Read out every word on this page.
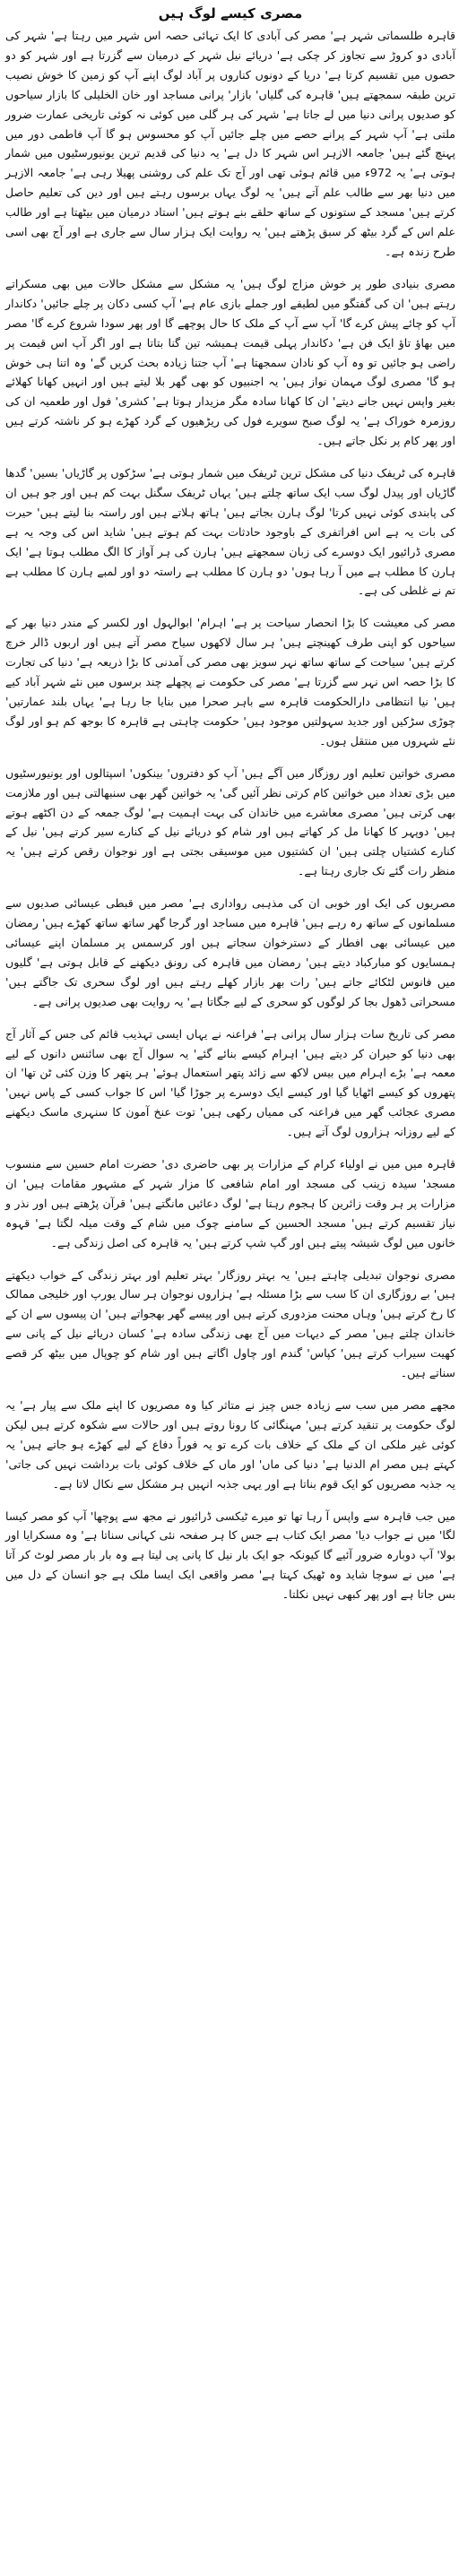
مصری کیسے لوگ ہیں

قاہرہ طلسماتی شہر ہے' مصر کی آبادی کا ایک تہائی حصہ اس شہر میں رہتا ہے' شہر کی آبادی دو کروڑ سے تجاوز کر چکی ہے' دریائے نیل شہر کے درمیان سے گزرتا ہے اور شہر کو دو حصوں میں تقسیم کرتا ہے' دریا کے دونوں کناروں پر آباد لوگ اپنے آپ کو زمین کا خوش نصیب ترین طبقہ سمجھتے ہیں' قاہرہ کی گلیاں' بازار' پرانی مساجد اور خان الخلیلی کا بازار سیاحوں کو صدیوں پرانی دنیا میں لے جاتا ہے' شہر کی ہر گلی میں کوئی نہ کوئی تاریخی عمارت ضرور ملتی ہے' آپ شہر کے پرانے حصے میں چلے جائیں آپ کو محسوس ہو گا آپ فاطمی دور میں پہنچ گئے ہیں' جامعہ الازہر اس شہر کا دل ہے' یہ دنیا کی قدیم ترین یونیورسٹیوں میں شمار ہوتی ہے' یہ 972ء میں قائم ہوئی تھی اور آج تک علم کی روشنی پھیلا رہی ہے' جامعہ الازہر میں دنیا بھر سے طالب علم آتے ہیں' یہ لوگ یہاں برسوں رہتے ہیں اور دین کی تعلیم حاصل کرتے ہیں' مسجد کے ستونوں کے ساتھ حلقے بنے ہوتے ہیں' استاد درمیان میں بیٹھتا ہے اور طالب علم اس کے گرد بیٹھ کر سبق پڑھتے ہیں' یہ روایت ایک ہزار سال سے جاری ہے اور آج بھی اسی طرح زندہ ہے۔

مصری بنیادی طور پر خوش مزاج لوگ ہیں' یہ مشکل سے مشکل حالات میں بھی مسکراتے رہتے ہیں' ان کی گفتگو میں لطیفے اور جملے بازی عام ہے' آپ کسی دکان پر چلے جائیں' دکاندار آپ کو چائے پیش کرے گا' آپ سے آپ کے ملک کا حال پوچھے گا اور پھر سودا شروع کرے گا' مصر میں بھاؤ تاؤ ایک فن ہے' دکاندار پہلی قیمت ہمیشہ تین گنا بتاتا ہے اور اگر آپ اس قیمت پر راضی ہو جائیں تو وہ آپ کو نادان سمجھتا ہے' آپ جتنا زیادہ بحث کریں گے' وہ اتنا ہی خوش ہو گا' مصری لوگ مہمان نواز ہیں' یہ اجنبیوں کو بھی گھر بلا لیتے ہیں اور انہیں کھانا کھلائے بغیر واپس نہیں جانے دیتے' ان کا کھانا سادہ مگر مزیدار ہوتا ہے' کشری' فول اور طعمیہ ان کی روزمرہ خوراک ہے' یہ لوگ صبح سویرے فول کی ریڑھیوں کے گرد کھڑے ہو کر ناشتہ کرتے ہیں اور پھر کام پر نکل جاتے ہیں۔

قاہرہ کی ٹریفک دنیا کی مشکل ترین ٹریفک میں شمار ہوتی ہے' سڑکوں پر گاڑیاں' بسیں' گدھا گاڑیاں اور پیدل لوگ سب ایک ساتھ چلتے ہیں' یہاں ٹریفک سگنل بہت کم ہیں اور جو ہیں ان کی پابندی کوئی نہیں کرتا' لوگ ہارن بجاتے ہیں' ہاتھ ہلاتے ہیں اور راستہ بنا لیتے ہیں' حیرت کی بات یہ ہے اس افراتفری کے باوجود حادثات بہت کم ہوتے ہیں' شاید اس کی وجہ یہ ہے مصری ڈرائیور ایک دوسرے کی زبان سمجھتے ہیں' ہارن کی ہر آواز کا الگ مطلب ہوتا ہے' ایک ہارن کا مطلب ہے میں آ رہا ہوں' دو ہارن کا مطلب ہے راستہ دو اور لمبے ہارن کا مطلب ہے تم نے غلطی کی ہے۔

مصر کی معیشت کا بڑا انحصار سیاحت پر ہے' اہرام' ابوالہول اور لکسر کے مندر دنیا بھر کے سیاحوں کو اپنی طرف کھینچتے ہیں' ہر سال لاکھوں سیاح مصر آتے ہیں اور اربوں ڈالر خرچ کرتے ہیں' سیاحت کے ساتھ ساتھ نہر سویز بھی مصر کی آمدنی کا بڑا ذریعہ ہے' دنیا کی تجارت کا بڑا حصہ اس نہر سے گزرتا ہے' مصر کی حکومت نے پچھلے چند برسوں میں نئے شہر آباد کیے ہیں' نیا انتظامی دارالحکومت قاہرہ سے باہر صحرا میں بنایا جا رہا ہے' یہاں بلند عمارتیں' چوڑی سڑکیں اور جدید سہولتیں موجود ہیں' حکومت چاہتی ہے قاہرہ کا بوجھ کم ہو اور لوگ نئے شہروں میں منتقل ہوں۔

مصری خواتین تعلیم اور روزگار میں آگے ہیں' آپ کو دفتروں' بینکوں' اسپتالوں اور یونیورسٹیوں میں بڑی تعداد میں خواتین کام کرتی نظر آئیں گی' یہ خواتین گھر بھی سنبھالتی ہیں اور ملازمت بھی کرتی ہیں' مصری معاشرے میں خاندان کی بہت اہمیت ہے' لوگ جمعہ کے دن اکٹھے ہوتے ہیں' دوپہر کا کھانا مل کر کھاتے ہیں اور شام کو دریائے نیل کے کنارے سیر کرتے ہیں' نیل کے کنارے کشتیاں چلتی ہیں' ان کشتیوں میں موسیقی بجتی ہے اور نوجوان رقص کرتے ہیں' یہ منظر رات گئے تک جاری رہتا ہے۔

مصریوں کی ایک اور خوبی ان کی مذہبی رواداری ہے' مصر میں قبطی عیسائی صدیوں سے مسلمانوں کے ساتھ رہ رہے ہیں' قاہرہ میں مساجد اور گرجا گھر ساتھ ساتھ کھڑے ہیں' رمضان میں عیسائی بھی افطار کے دسترخوان سجاتے ہیں اور کرسمس پر مسلمان اپنے عیسائی ہمسایوں کو مبارکباد دیتے ہیں' رمضان میں قاہرہ کی رونق دیکھنے کے قابل ہوتی ہے' گلیوں میں فانوس لٹکائے جاتے ہیں' رات بھر بازار کھلے رہتے ہیں اور لوگ سحری تک جاگتے ہیں' مسحراتی ڈھول بجا کر لوگوں کو سحری کے لیے جگاتا ہے' یہ روایت بھی صدیوں پرانی ہے۔

مصر کی تاریخ سات ہزار سال پرانی ہے' فراعنہ نے یہاں ایسی تہذیب قائم کی جس کے آثار آج بھی دنیا کو حیران کر دیتے ہیں' اہرام کیسے بنائے گئے' یہ سوال آج بھی سائنس دانوں کے لیے معمہ ہے' بڑے اہرام میں بیس لاکھ سے زائد پتھر استعمال ہوئے' ہر پتھر کا وزن کئی ٹن تھا' ان پتھروں کو کیسے اٹھایا گیا اور کیسے ایک دوسرے پر جوڑا گیا' اس کا جواب کسی کے پاس نہیں' مصری عجائب گھر میں فراعنہ کی ممیاں رکھی ہیں' توت عنخ آمون کا سنہری ماسک دیکھنے کے لیے روزانہ ہزاروں لوگ آتے ہیں۔

قاہرہ میں میں نے اولیاء کرام کے مزارات پر بھی حاضری دی' حضرت امام حسین سے منسوب مسجد' سیدہ زینب کی مسجد اور امام شافعی کا مزار شہر کے مشہور مقامات ہیں' ان مزارات پر ہر وقت زائرین کا ہجوم رہتا ہے' لوگ دعائیں مانگتے ہیں' قرآن پڑھتے ہیں اور نذر و نیاز تقسیم کرتے ہیں' مسجد الحسین کے سامنے چوک میں شام کے وقت میلہ لگتا ہے' قہوہ خانوں میں لوگ شیشہ پیتے ہیں اور گپ شپ کرتے ہیں' یہ قاہرہ کی اصل زندگی ہے۔

مصری نوجوان تبدیلی چاہتے ہیں' یہ بہتر روزگار' بہتر تعلیم اور بہتر زندگی کے خواب دیکھتے ہیں' بے روزگاری ان کا سب سے بڑا مسئلہ ہے' ہزاروں نوجوان ہر سال یورپ اور خلیجی ممالک کا رخ کرتے ہیں' وہاں محنت مزدوری کرتے ہیں اور پیسے گھر بھجواتے ہیں' ان پیسوں سے ان کے خاندان چلتے ہیں' مصر کے دیہات میں آج بھی زندگی سادہ ہے' کسان دریائے نیل کے پانی سے کھیت سیراب کرتے ہیں' کپاس' گندم اور چاول اگاتے ہیں اور شام کو چوپال میں بیٹھ کر قصے سناتے ہیں۔

مجھے مصر میں سب سے زیادہ جس چیز نے متاثر کیا وہ مصریوں کا اپنے ملک سے پیار ہے' یہ لوگ حکومت پر تنقید کرتے ہیں' مہنگائی کا رونا روتے ہیں اور حالات سے شکوہ کرتے ہیں لیکن کوئی غیر ملکی ان کے ملک کے خلاف بات کرے تو یہ فوراً دفاع کے لیے کھڑے ہو جاتے ہیں' یہ کہتے ہیں مصر ام الدنیا ہے' دنیا کی ماں' اور ماں کے خلاف کوئی بات برداشت نہیں کی جاتی' یہ جذبہ مصریوں کو ایک قوم بناتا ہے اور یہی جذبہ انہیں ہر مشکل سے نکال لاتا ہے۔

میں جب قاہرہ سے واپس آ رہا تھا تو میرے ٹیکسی ڈرائیور نے مجھ سے پوچھا' آپ کو مصر کیسا لگا' میں نے جواب دیا' مصر ایک کتاب ہے جس کا ہر صفحہ نئی کہانی سناتا ہے' وہ مسکرایا اور بولا' آپ دوبارہ ضرور آئیے گا کیونکہ جو ایک بار نیل کا پانی پی لیتا ہے وہ بار بار مصر لوٹ کر آتا ہے' میں نے سوچا شاید وہ ٹھیک کہتا ہے' مصر واقعی ایک ایسا ملک ہے جو انسان کے دل میں بس جاتا ہے اور پھر کبھی نہیں نکلتا۔
